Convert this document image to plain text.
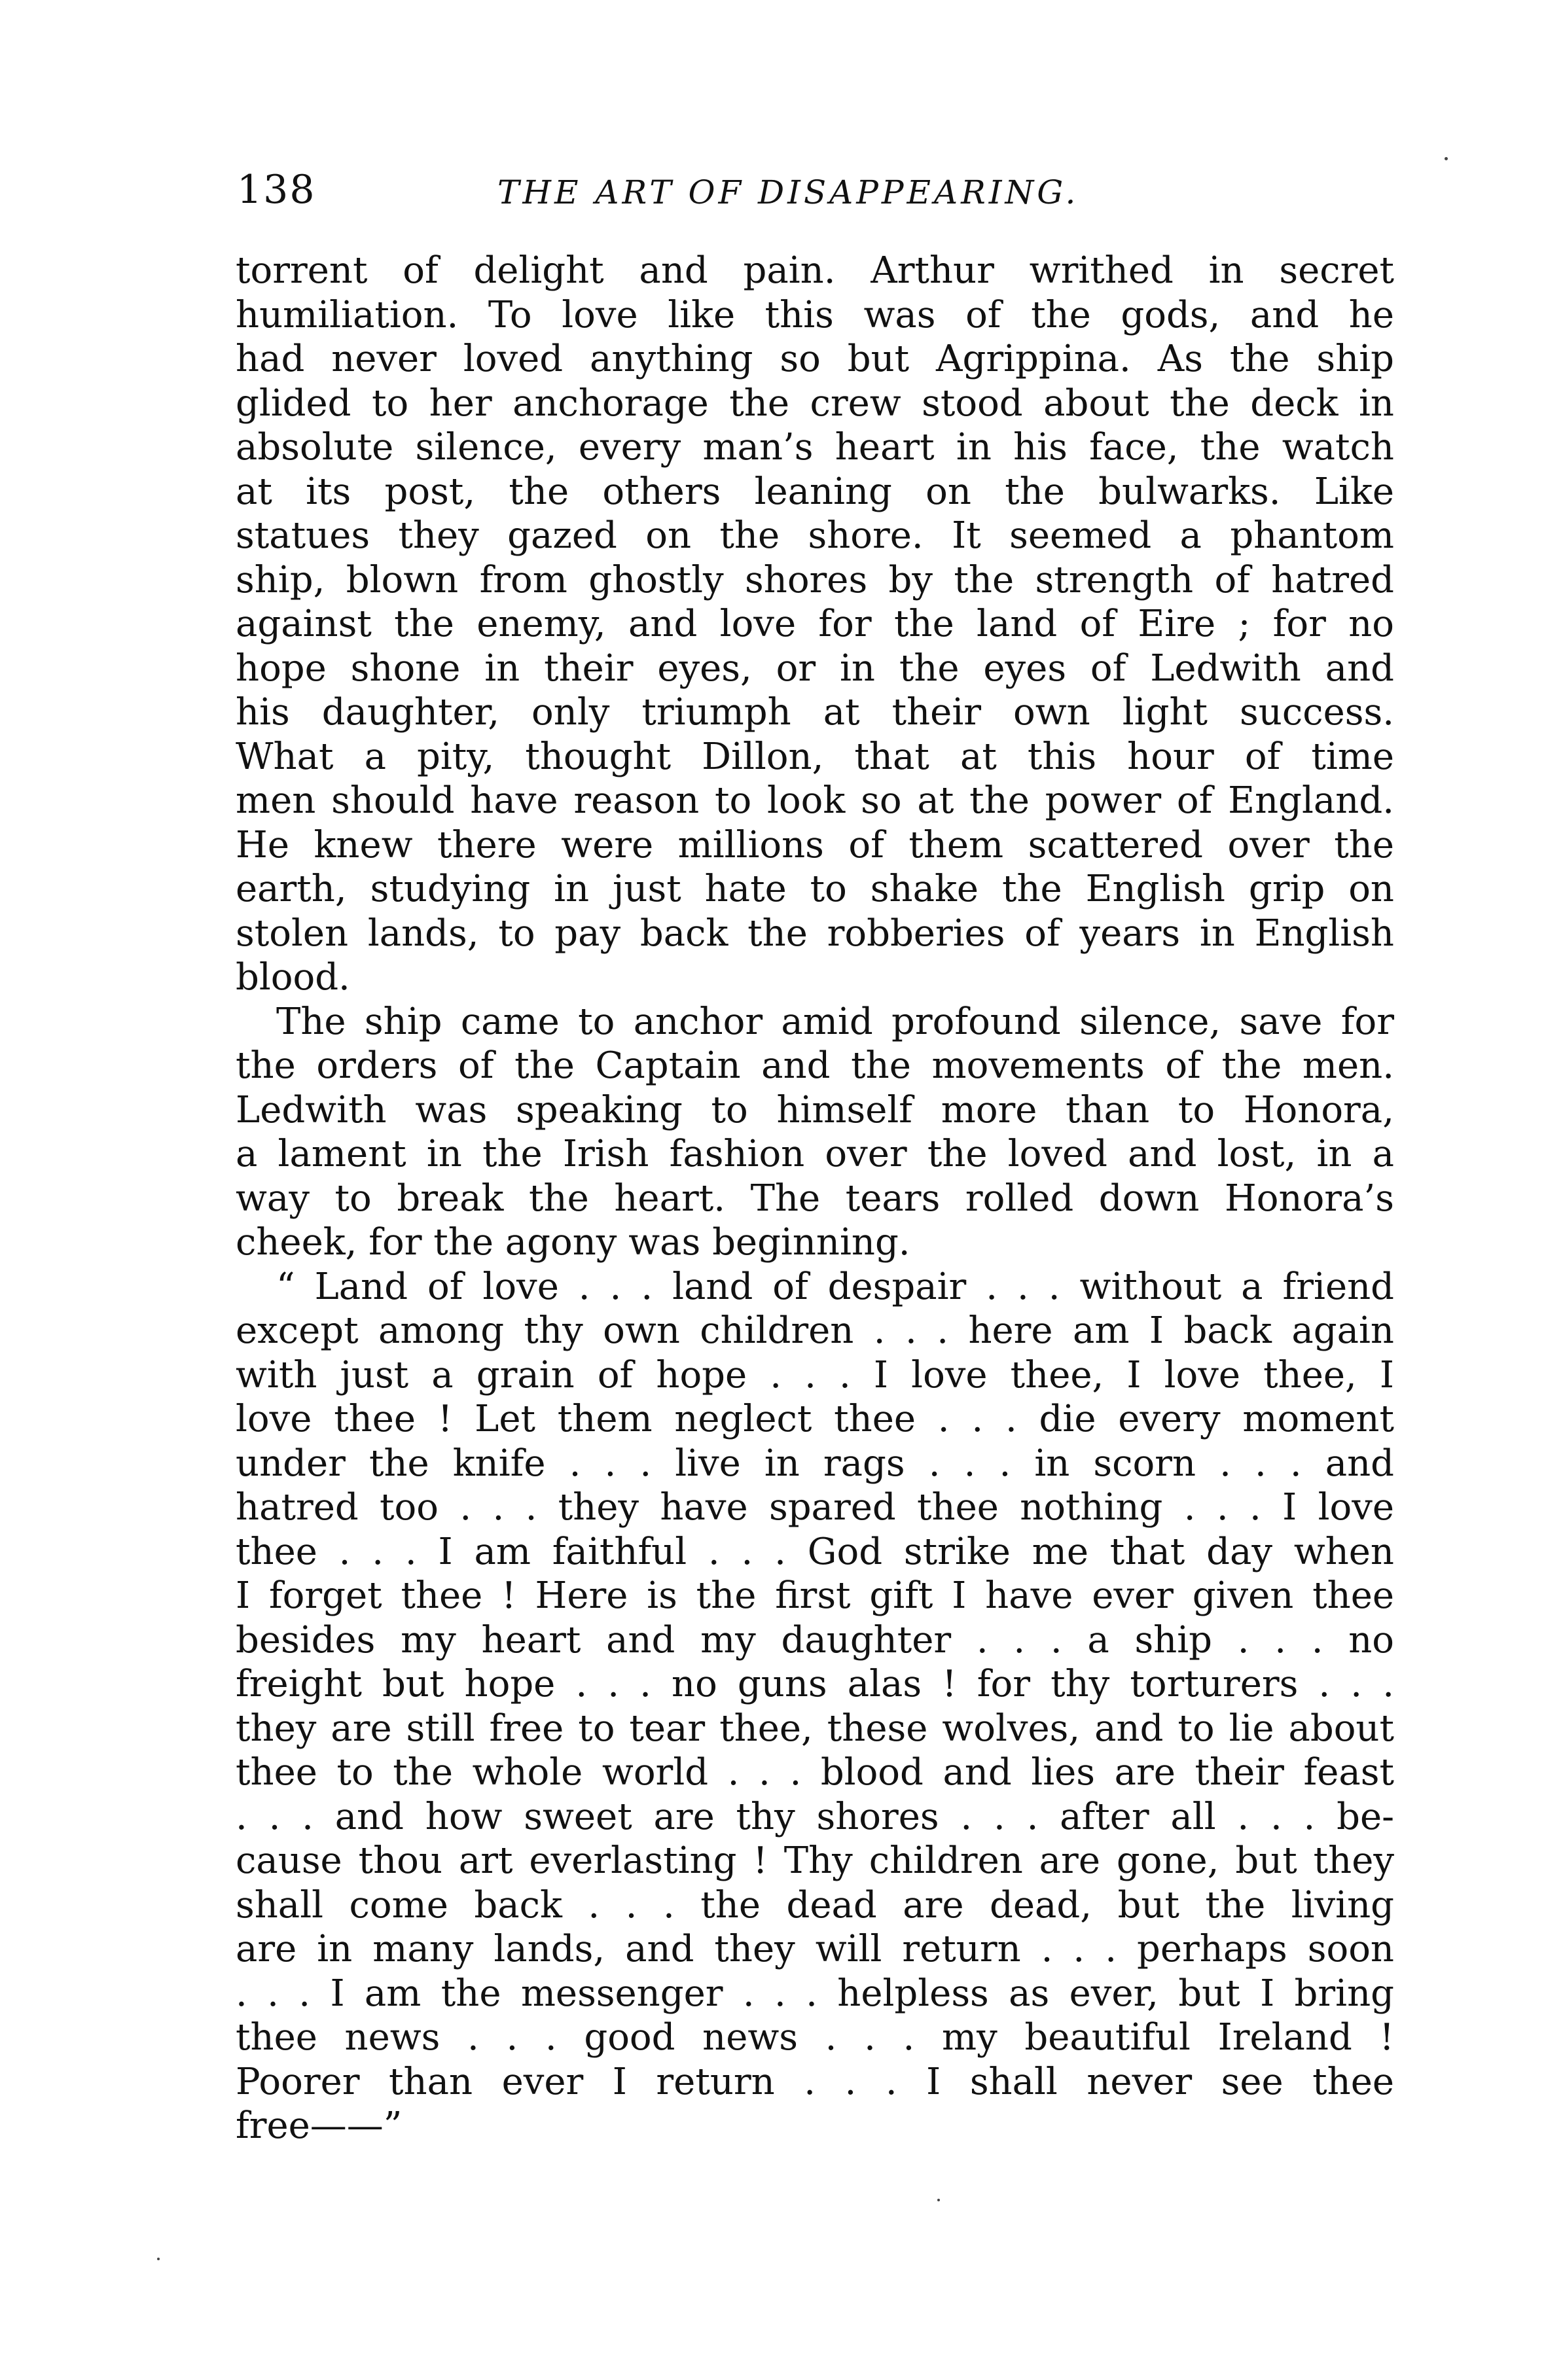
138	THE ART OF DISAPPEARING.
torrent of delight and pain. Arthur writhed in secret
humiliation. To love like this was of the gods, and he
had never loved anything so but Agrippina. As the ship
glided to her anchorage the crew stood about the deck in
absolute silence, every man’s heart in his face, the watch
at its post, the others leaning on the bulwarks. Like
statues they gazed on the shore. It seemed a phantom
ship, blown from ghostly shores by the strength of hatred
against the enemy, and love for the land of Eire ; for no
hope shone in their eyes, or in the eyes of Ledwith and
his daughter, only triumph at their own light success.
What a pity, thought Dillon, that at this hour of time
men should have reason to look so at the power of England.
He knew there were millions of them scattered over the
earth, studying in just hate to shake the English grip on
stolen lands, to pay back the robberies of years in English
blood.
The ship came to anchor amid profound silence, save for
the orders of the Captain and the movements of the men.
Ledwith was speaking to himself more than to Honora,
a lament in the Irish fashion over the loved and lost, in a
way to break the heart. The tears rolled down Honora’s
cheek, for the agony was beginning.
“ Land of love . . . land of despair . . . without a friend
except among thy own children . . . here am I back again
with just a grain of hope . . . I love thee, I love thee, I
love thee ! Let them neglect thee . . . die every moment
under the knife . . . live in rags . . . in scorn . . . and
hatred too . . . they have spared thee nothing . . . I love
thee . . . I am faithful . . . God strike me that day when
I forget thee ! Here is the first gift I have ever given thee
besides my heart and my daughter . . . a ship . . . no
freight but hope . . . no guns alas ! for thy torturers . . .
they are still free to tear thee, these wolves, and to lie about
thee to the whole world . . . blood and lies are their feast
. . . and how sweet are thy shores . . . after all . . . be-
cause thou art everlasting ! Thy children are gone, but they
shall come back . . . the dead are dead, but the living
are in many lands, and they will return . . . perhaps soon
. . . I am the messenger . . . helpless as ever, but I bring
thee news . . . good news . . . my beautiful Ireland !
Poorer than ever I return . . . I shall never see thee
free——”
